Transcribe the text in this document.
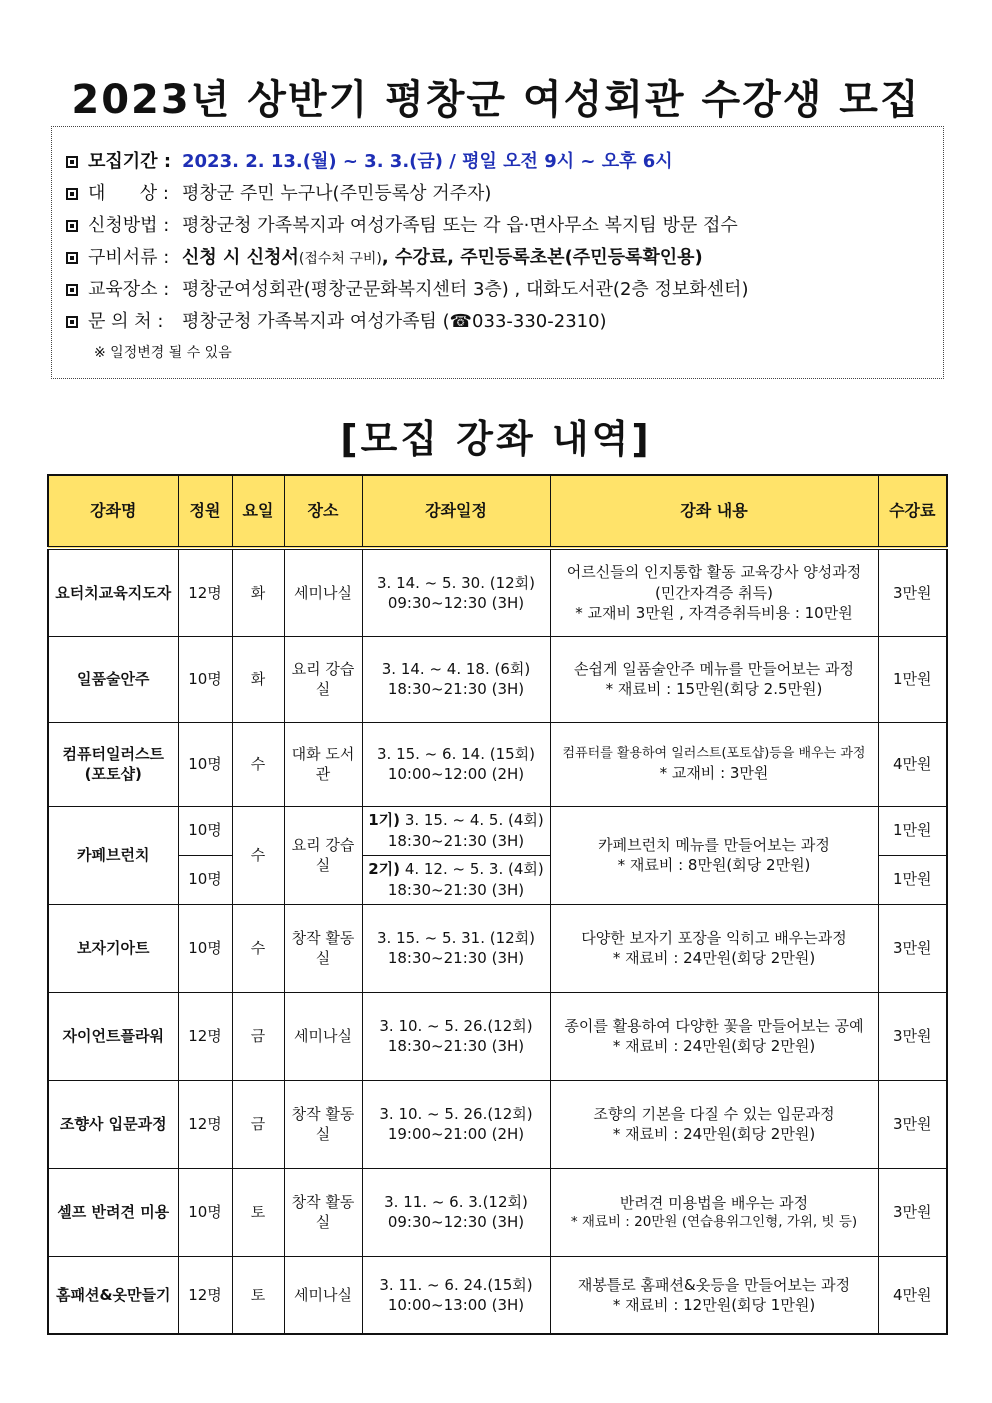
2023년 상반기 평창군 여성회관 수강생 모집
모집기간 : 2023. 2. 13.(월) ~ 3. 3.(금) / 평일 오전 9시 ~ 오후 6시
대      상 : 평창군 주민 누구나(주민등록상 거주자)
신청방법 : 평창군청 가족복지과 여성가족팀 또는 각 읍·면사무소 복지팀 방문 접수
구비서류 : 신청 시 신청서(접수처 구비), 수강료, 주민등록초본(주민등록확인용)
교육장소 : 평창군여성회관(평창군문화복지센터 3층) , 대화도서관(2층 정보화센터)
문 의 처 : 평창군청 가족복지과 여성가족팀 (☎033-330-2310)
※ 일정변경 될 수 있음
[모집 강좌 내역]
강좌명	정원	요일	장소	강좌일정	강좌 내용	수강료
요터치교육지도자	12명	화	세미나실	3. 14. ~ 5. 30. (12회)
09:30~12:30 (3H)	어르신들의 인지통합 활동 교육강사 양성과정
(민간자격증 취득)
* 교재비 3만원 , 자격증취득비용 : 10만원	3만원
일품술안주	10명	화	요리 강습실	3. 14. ~ 4. 18. (6회)
18:30~21:30 (3H)	손쉽게 일품술안주 메뉴를 만들어보는 과정
* 재료비 : 15만원(회당 2.5만원)	1만원
컴퓨터일러스트(포토샵)	10명	수	대화 도서관	3. 15. ~ 6. 14. (15회)
10:00~12:00 (2H)	컴퓨터를 활용하여 일러스트(포토샵)등을 배우는 과정
* 교재비 : 3만원	4만원
카페브런치	10명	수	요리 강습실	1기) 3. 15. ~ 4. 5. (4회)
18:30~21:30 (3H)	카페브런치 메뉴를 만들어보는 과정
* 재료비 : 8만원(회당 2만원)	1만원
	10명			2기) 4. 12. ~ 5. 3. (4회)
18:30~21:30 (3H)		1만원
보자기아트	10명	수	창작 활동실	3. 15. ~ 5. 31. (12회)
18:30~21:30 (3H)	다양한 보자기 포장을 익히고 배우는과정
* 재료비 : 24만원(회당 2만원)	3만원
자이언트플라워	12명	금	세미나실	3. 10. ~ 5. 26.(12회)
18:30~21:30 (3H)	종이를 활용하여 다양한 꽃을 만들어보는 공예
* 재료비 : 24만원(회당 2만원)	3만원
조향사 입문과정	12명	금	창작 활동실	3. 10. ~ 5. 26.(12회)
19:00~21:00 (2H)	조향의 기본을 다질 수 있는 입문과정
* 재료비 : 24만원(회당 2만원)	3만원
셀프 반려견 미용	10명	토	창작 활동실	3. 11. ~ 6. 3.(12회)
09:30~12:30 (3H)	반려견 미용법을 배우는 과정
* 재료비 : 20만원 (연습용위그인형, 가위, 빗 등)	3만원
홈패션&옷만들기	12명	토	세미나실	3. 11. ~ 6. 24.(15회)
10:00~13:00 (3H)	재봉틀로 홈패션&옷등을 만들어보는 과정
* 재료비 : 12만원(회당 1만원)	4만원
